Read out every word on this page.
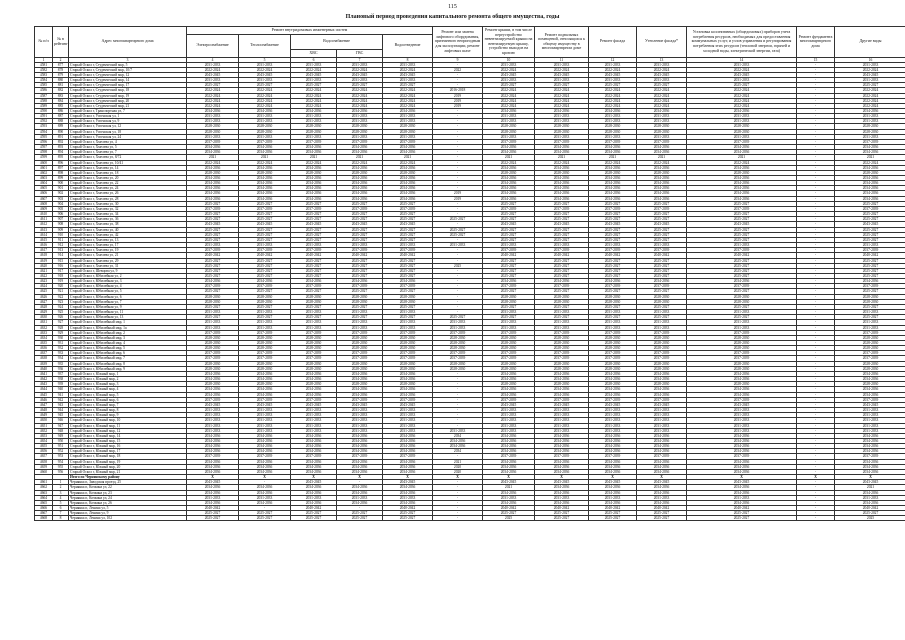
115
Плановый период проведения капитального ремонта общего имущества, годы
№ п/п	№ в рейтинг	Адрес многоквартирного дома	Ремонт внутридомовых инженерных систем					Ремонт или замена лифтового оборудования, признанного непригодным для эксплуатации, ремонт лифтовых шахт	Ремонт крыши, в том числе переустройство невентилируемой крыши на вентилируемую крышу, устройство выходов на кровлю	Ремонт подвальных помещений, относящихся к общему имуществу в многоквартирном доме	Ремонт фасада	Утепление фасада*	Установка коллективных (общедомовых) приборов учета потребления ресурсов, необходимых для предоставления коммунальных услуг, и узлов управления и регулирования потребления этих ресурсов (тепловой энергии, горячей и холодной воды, электрической энергии, газа)	Ремонт фундамента многоквартирного дома	Другие виды
			Электроснабжение	Теплоснабжение	Водоснабжение		Водоотведение								
					ХВС	ГВС									
1	2	3	4	5	6	7	8	9	10	11	12	13	14	15	16
4581	877	Старый Оскол г, Студенческий мкр, 5	2031-2033	2031-2033	2031-2033	2031-2033	2031-2033	-	2031-2033	2031-2033	2031-2033	2031-2033	2031-2033	-	2031-2033
4582	878	Старый Оскол г, Студенческий мкр, 10/7	2022-2024	2022-2024	2022-2024	2022-2024	2022-2024	2022	2022-2024	2022-2024	2022-2024	2022-2024	2022-2024	-	2022-2024
4583	879	Старый Оскол г, Студенческий мкр, 12	2043-2045	2043-2045	2043-2045	2043-2045	2043-2045	-	2043-2045	2043-2045	2043-2045	2043-2045	2043-2045	-	2043-2045
4584	880	Старый Оскол г, Студенческий мкр, 14	2031-2033	2031-2033	2031-2033	2031-2033	2031-2033	-	2031-2033	2031-2033	2031-2033	2031-2033	2031-2033	-	2031-2033
4585	881	Старый Оскол г, Студенческий мкр, 17	2025-2027	2025-2027	2025-2027	2025-2027	2025-2027	-	2025-2027	2025-2027	2025-2027	2025-2027	2025-2027	-	2025-2027
4586	882	Старый Оскол г, Студенческий мкр, 18	2022-2024	2022-2024	2022-2024	2022-2024	2022-2024	2016-2018	2022-2024	2022-2024	2022-2024	2022-2024	2022-2024	-	2022-2024
4587	883	Старый Оскол г, Студенческий мкр, 19	2022-2024	2022-2024	2022-2024	2022-2024	2022-2024	2019	2022-2024	2022-2024	2022-2024	2022-2024	2022-2024	-	2022-2024
4588	884	Старый Оскол г, Студенческий мкр, 20	2022-2024	2022-2024	2022-2024	2022-2024	2022-2024	2019	2022-2024	2022-2024	2022-2024	2022-2024	2022-2024	-	2022-2024
4589	885	Старый Оскол г, Студенческий мкр, 21	2022-2024	2022-2024	2022-2024	2022-2024	2022-2024	2019	2022-2024	2022-2024	2022-2024	2022-2024	2022-2024	-	2022-2024
4590	886	Старый Оскол г, Транспортная ул, 7	2034-2036	2034-2036	2034-2036	2034-2036	2034-2036	-	2034-2036	2034-2036	2034-2036	2034-2036	2034-2036	-	2034-2036
4591	887	Старый Оскол г, Успенская ул, 1	2031-2033	2031-2033	2031-2033	2031-2033	2031-2033	-	2031-2033	2031-2033	2031-2033	2031-2033	2031-2033	-	2031-2033
4592	888	Старый Оскол г, Успенская ул, 9	2031-2033	2031-2033	2031-2033	2031-2033	2031-2033	-	2031-2033	2031-2033	2031-2033	2031-2033	2031-2033	-	2031-2033
4593	889	Старый Оскол г, Успенская ул, 12	2028-2030	2028-2030	2028-2030	2028-2030	2028-2030	-	2028-2030	2028-2030	2028-2030	2028-2030	2028-2030	-	2028-2030
4594	890	Старый Оскол г, Успенская ул, 18	2028-2030	2028-2030	2028-2030	2028-2030	2028-2030	-	2028-2030	2028-2030	2028-2030	2028-2030	2028-2030	-	2028-2030
4595	891	Старый Оскол г, Успенская ул, 24	2031-2033	2031-2033	2031-2033	2031-2033	2031-2033	-	2031-2033	2031-2033	2031-2033	2031-2033	2031-2033	-	2031-2033
4596	892	Старый Оскол г, Хмелева ул, 4	2037-2039	2037-2039	2037-2039	2037-2039	2037-2039	-	2037-2039	2037-2039	2037-2039	2037-2039	2037-2039	-	2037-2039
4597	893	Старый Оскол г, Хмелева ул, 5	2034-2036	2034-2036	2034-2036	2034-2036	2034-2036	-	2034-2036	2034-2036	2034-2036	2034-2036	2034-2036	-	2034-2036
4598	894	Старый Оскол г, Хмелева ул, 7	2034-2036	2034-2036	2034-2036	2034-2036	2034-2036	-	2034-2036	2034-2036	2034-2036	2034-2036	2034-2036	-	2034-2036
4599	895	Старый Оскол г, Хмелева ул, 8/72	2021	2021	2021	2021	2021	-	2021	2021	2021	2021	2021	-	2021
4600	896	Старый Оскол г, Хмелева ул, 10/41	2022-2024	2022-2024	2022-2024	2022-2024	2022-2024	-	2022-2024	2022-2024	2022-2024	2022-2024	2022-2024	-	2022-2024
4601	897	Старый Оскол г, Хмелева ул, 14	2034-2036	2034-2036	2034-2036	2034-2036	2034-2036	-	2034-2036	2034-2036	2034-2036	2034-2036	2034-2036	-	2034-2036
4602	898	Старый Оскол г, Хмелева ул, 18	2028-2030	2028-2030	2028-2030	2028-2030	2028-2030	-	2028-2030	2028-2030	2028-2030	2028-2030	2028-2030	-	2028-2030
4603	899	Старый Оскол г, Хмелева ул, 20	2034-2036	2034-2036	2034-2036	2034-2036	2034-2036	-	2034-2036	2034-2036	2034-2036	2034-2036	2034-2036	-	2034-2036
4604	900	Старый Оскол г, Хмелева ул, 22	2034-2036	2034-2036	2034-2036	2034-2036	2034-2036	-	2034-2036	2034-2036	2034-2036	2034-2036	2034-2036	-	2034-2036
4605	901	Старый Оскол г, Хмелева ул, 24	2034-2036	2034-2036	2034-2036	2034-2036	2034-2036	-	2034-2036	2034-2036	2034-2036	2034-2036	2034-2036	-	2034-2036
4606	902	Старый Оскол г, Хмелева ул, 26	2034-2036	2034-2036	2034-2036	2034-2036	2034-2036	2019	2034-2036	2034-2036	2034-2036	2034-2036	2034-2036	-	2034-2036
4607	903	Старый Оскол г, Хмелева ул, 28	2034-2036	2034-2036	2034-2036	2034-2036	2034-2036	2019	2034-2036	2034-2036	2034-2036	2034-2036	2034-2036	-	2034-2036
4608	904	Старый Оскол г, Хмелева ул, 30	2025-2027	2025-2027	2025-2027	2025-2027	2025-2027	-	2025-2027	2025-2027	2025-2027	2025-2027	2025-2027	-	2025-2027
4609	905	Старый Оскол г, Хмелева ул, 32	2037-2039	2037-2039	2037-2039	2037-2039	2037-2039	-	2037-2039	2037-2039	2037-2039	2037-2039	2037-2039	-	2037-2039
4610	906	Старый Оскол г, Хмелева ул, 34	2025-2027	2025-2027	2025-2027	2025-2027	2025-2027	-	2025-2027	2025-2027	2025-2027	2025-2027	2025-2027	-	2025-2027
4611	907	Старый Оскол г, Хмелева ул, 36	2025-2027	2025-2027	2025-2027	2025-2027	2025-2027	2025-2027	2025-2027	2025-2027	2025-2027	2025-2027	2025-2027	-	2025-2027
4612	908	Старый Оскол г, Хмелева ул, 38	2043-2045	2043-2045	2043-2045	2043-2045	2043-2045	-	2043-2045	2043-2045	2043-2045	2043-2045	2043-2045	-	2043-2045
4613	909	Старый Оскол г, Хмелева ул, 40	2025-2027	2025-2027	2025-2027	2025-2027	2025-2027	2025-2027	2025-2027	2025-2027	2025-2027	2025-2027	2025-2027	-	2025-2027
4614	910	Старый Оскол г, Хмелева ул, 42	2025-2027	2025-2027	2025-2027	2025-2027	2025-2027	2025-2027	2025-2027	2025-2027	2025-2027	2025-2027	2025-2027	-	2025-2027
4615	911	Старый Оскол г, Хмелева ул, 13	2025-2027	2025-2027	2025-2027	2025-2027	2025-2027	-	2025-2027	2025-2027	2025-2027	2025-2027	2025-2027	-	2025-2027
4616	912	Старый Оскол г, Хмелева ул, 17	2031-2033	2031-2033	2031-2033	2031-2033	2031-2033	2031-2033	2031-2033	2031-2033	2031-2033	2031-2033	2031-2033	-	2031-2033
4617	913	Старый Оскол г, Хмелева ул, 19	2037-2039	2037-2039	2037-2039	2037-2039	2037-2039	-	2037-2039	2037-2039	2037-2039	2037-2039	2037-2039	-	2037-2039
4618	914	Старый Оскол г, Хмелева ул, 21	2040-2042	2040-2042	2040-2042	2040-2042	2040-2042	-	2040-2042	2040-2042	2040-2042	2040-2042	2040-2042	-	2040-2042
4619	915	Старый Оскол г, Хмелева ул, 29	2025-2027	2025-2027	2025-2027	2025-2027	2025-2027	-	2025-2027	2025-2027	2025-2027	2025-2027	2025-2027	-	2025-2027
4620	916	Старый Оскол г, Хмелева ул, 31	2025-2027	2025-2027	2025-2027	2025-2027	2025-2027	2025	2025-2027	2025-2027	2025-2027	2025-2027	2025-2027	-	2025-2027
4621	917	Старый Оскол г, Шевцова ул, 9	2025-2027	2025-2027	2025-2027	2025-2027	2025-2027	-	2025-2027	2025-2027	2025-2027	2025-2027	2025-2027	-	2025-2027
4622	918	Старый Оскол г, Юбилейная ул, 2	2025-2027	2025-2027	2025-2027	2025-2027	2025-2027	-	2025-2027	2025-2027	2025-2027	2025-2027	2025-2027	-	2025-2027
4623	919	Старый Оскол г, Юбилейная ул, 3	2034-2036	2034-2036	2034-2036	2034-2036	2034-2036	-	2034-2036	2034-2036	2034-2036	2034-2036	2034-2036	-	2034-2036
4624	920	Старый Оскол г, Юбилейная ул, 4	2037-2039	2037-2039	2037-2039	2037-2039	2037-2039	-	2037-2039	2037-2039	2037-2039	2037-2039	2037-2039	-	2037-2039
4625	921	Старый Оскол г, Юбилейная ул, 5	2025-2027	2025-2027	2025-2027	2025-2027	2025-2027	-	2025-2027	2025-2027	2025-2027	2025-2027	2025-2027	-	2025-2027
4626	922	Старый Оскол г, Юбилейная ул, 6	2028-2030	2028-2030	2028-2030	2028-2030	2028-2030	-	2028-2030	2028-2030	2028-2030	2028-2030	2028-2030	-	2028-2030
4627	923	Старый Оскол г, Юбилейная ул, 7	2028-2030	2028-2030	2028-2030	2028-2030	2028-2030	-	2028-2030	2028-2030	2028-2030	2028-2030	2028-2030	-	2028-2030
4628	924	Старый Оскол г, Юбилейная ул, 9	2025-2027	2025-2027	2025-2027	2025-2027	2025-2027	-	2025-2027	2025-2027	2025-2027	2025-2027	2025-2027	-	2025-2027
4629	925	Старый Оскол г, Юбилейная ул, 11	2031-2033	2031-2033	2031-2033	2031-2033	2031-2033	-	2031-2033	2031-2033	2031-2033	2031-2033	2031-2033	-	2031-2033
4630	926	Старый Оскол г, Юбилейная ул, 13	2025-2027	2025-2027	2025-2027	2025-2027	2025-2027	2025-2027	2025-2027	2025-2027	2025-2027	2025-2027	2025-2027	-	2025-2027
4631	927	Старый Оскол г, Юбилейный мкр, 1	2031-2033	2031-2033	2031-2033	2031-2033	2031-2033	2031-2033	2031-2033	2031-2033	2031-2033	2031-2033	2031-2033	-	2031-2033
4632	928	Старый Оскол г, Юбилейный мкр, 1а	2031-2033	2031-2033	2031-2033	2031-2033	2031-2033	2031-2033	2031-2033	2031-2033	2031-2033	2031-2033	2031-2033	-	2031-2033
4633	929	Старый Оскол г, Юбилейный мкр, 2	2037-2039	2037-2039	2037-2039	2037-2039	2037-2039	2037-2039	2037-2039	2037-2039	2037-2039	2037-2039	2037-2039	-	2037-2039
4634	930	Старый Оскол г, Юбилейный мкр, 3	2028-2030	2028-2030	2028-2030	2028-2030	2028-2030	2028-2030	2028-2030	2028-2030	2028-2030	2028-2030	2028-2030	-	2028-2030
4635	931	Старый Оскол г, Юбилейный мкр, 4	2028-2030	2028-2030	2028-2030	2028-2030	2028-2030	2028-2030	2028-2030	2028-2030	2028-2030	2028-2030	2028-2030	-	2028-2030
4636	932	Старый Оскол г, Юбилейный мкр, 5	2028-2030	2028-2030	2028-2030	2028-2030	2028-2030	2028-2030	2028-2030	2028-2030	2028-2030	2028-2030	2028-2030	-	2028-2030
4637	933	Старый Оскол г, Юбилейный мкр, 6	2037-2039	2037-2039	2037-2039	2037-2039	2037-2039	2037-2039	2037-2039	2037-2039	2037-2039	2037-2039	2037-2039	-	2037-2039
4638	934	Старый Оскол г, Юбилейный мкр, 7	2037-2039	2037-2039	2037-2039	2037-2039	2037-2039	2037-2039	2037-2039	2037-2039	2037-2039	2037-2039	2037-2039	-	2037-2039
4639	935	Старый Оскол г, Юбилейный мкр, 8	2028-2030	2028-2030	2028-2030	2028-2030	2028-2030	2028-2030	2028-2030	2028-2030	2028-2030	2028-2030	2028-2030	-	2028-2030
4640	936	Старый Оскол г, Юбилейный мкр, 9	2028-2030	2028-2030	2028-2030	2028-2030	2028-2030	2028-2030	2028-2030	2028-2030	2028-2030	2028-2030	2028-2030	-	2028-2030
4641	937	Старый Оскол г, Южный мкр, 1	2034-2036	2034-2036	2034-2036	2034-2036	2034-2036	-	2034-2036	2034-2036	2034-2036	2034-2036	2034-2036	-	2034-2036
4642	938	Старый Оскол г, Южный мкр, 2	2034-2036	2034-2036	2034-2036	2034-2036	2034-2036	-	2034-2036	2034-2036	2034-2036	2034-2036	2034-2036	-	2034-2036
4643	939	Старый Оскол г, Южный мкр, 3	2028-2030	2028-2030	2028-2030	2028-2030	2028-2030	-	2028-2030	2028-2030	2028-2030	2028-2030	2028-2030	-	2028-2030
4644	940	Старый Оскол г, Южный мкр, 4	2034-2036	2034-2036	2034-2036	2034-2036	2034-2036	-	2034-2036	2034-2036	2034-2036	2034-2036	2034-2036	-	2034-2036
4645	941	Старый Оскол г, Южный мкр, 5	2034-2036	2034-2036	2034-2036	2034-2036	2034-2036	-	2034-2036	2034-2036	2034-2036	2034-2036	2034-2036	-	2034-2036
4646	942	Старый Оскол г, Южный мкр, 6	2037-2039	2037-2039	2037-2039	2037-2039	2037-2039	-	2037-2039	2037-2039	2037-2039	2037-2039	2037-2039	-	2037-2039
4647	943	Старый Оскол г, Южный мкр, 7	2043-2045	2043-2045	2043-2045	2043-2045	2043-2045	-	2043-2045	2043-2045	2043-2045	2043-2045	2043-2045	-	2043-2045
4648	944	Старый Оскол г, Южный мкр, 8	2031-2033	2031-2033	2031-2033	2031-2033	2031-2033	-	2031-2033	2031-2033	2031-2033	2031-2033	2031-2033	-	2031-2033
4649	945	Старый Оскол г, Южный мкр, 9	2031-2033	2031-2033	2031-2033	2031-2033	2031-2033	-	2031-2033	2031-2033	2031-2033	2031-2033	2031-2033	-	2031-2033
4650	946	Старый Оскол г, Южный мкр, 10	2031-2033	2031-2033	2031-2033	2031-2033	2031-2033	-	2031-2033	2031-2033	2031-2033	2031-2033	2031-2033	-	2031-2033
4651	947	Старый Оскол г, Южный мкр, 11	2031-2033	2031-2033	2031-2033	2031-2033	2031-2033	-	2031-2033	2031-2033	2031-2033	2031-2033	2031-2033	-	2031-2033
4652	948	Старый Оскол г, Южный мкр, 12	2031-2033	2031-2033	2031-2033	2031-2033	2031-2033	2031-2033	2031-2033	2031-2033	2031-2033	2031-2033	2031-2033	-	2031-2033
4653	949	Старый Оскол г, Южный мкр, 14	2034-2036	2034-2036	2034-2036	2034-2036	2034-2036	2034	2034-2036	2034-2036	2034-2036	2034-2036	2034-2036	-	2034-2036
4654	950	Старый Оскол г, Южный мкр, 15	2034-2036	2034-2036	2034-2036	2034-2036	2034-2036	2034-2036	2034-2036	2034-2036	2034-2036	2034-2036	2034-2036	-	2034-2036
4655	951	Старый Оскол г, Южный мкр, 16	2034-2036	2034-2036	2034-2036	2034-2036	2034-2036	2034-2036	2034-2036	2034-2036	2034-2036	2034-2036	2034-2036	-	2034-2036
4656	952	Старый Оскол г, Южный мкр, 17	2034-2036	2034-2036	2034-2036	2034-2036	2034-2036	2034	2034-2036	2034-2036	2034-2036	2034-2036	2034-2036	-	2034-2036
4657	953	Старый Оскол г, Южный мкр, 18	2037-2039	2037-2039	2037-2039	2037-2039	2037-2039	-	2037-2039	2037-2039	2037-2039	2037-2039	2037-2039	-	2037-2039
4658	954	Старый Оскол г, Южный мкр, 19	2034-2036	2034-2036	2034-2036	2034-2036	2034-2036	2021	2034-2036	2034-2036	2034-2036	2034-2036	2034-2036	-	2034-2036
4659	955	Старый Оскол г, Южный мкр, 20	2034-2036	2034-2036	2034-2036	2034-2036	2034-2036	2020	2034-2036	2034-2036	2034-2036	2034-2036	2034-2036	-	2034-2036
4660	956	Старый Оскол г, Южный мкр, 21	2034-2036	2034-2036	2034-2036	2034-2036	2034-2036	2020	2034-2036	2034-2036	2034-2036	2034-2036	2034-2036	-	2034-2036
		Итого по Чернянскому району	X	X	X	X	X	X	X	X	X	X	X	X	X
4661	1	Чернянка п, Заводская проезд, 25	2043-2045	-	2043-2045	-	2043-2045	-	2043-2045	2043-2045	2043-2045	2043-2045	2043-2045	-	2043-2045
4662	2	Чернянка п, Кочкина ул, 22	2034-2036	2034-2036	2034-2036	2034-2036	2034-2036	-	2021	2034-2036	2034-2036	2034-2036	2034-2036	-	2021
4663	3	Чернянка п, Кочкина ул, 23	2034-2036	2034-2036	2034-2036	2034-2036	2034-2036	-	2034-2036	2034-2036	2034-2036	2034-2036	2034-2036	-	2034-2036
4664	4	Чернянка п, Кочкина ул, 24	2031-2033	2031-2033	2031-2033	2031-2033	2031-2033	-	2031-2033	2031-2033	2031-2033	2031-2033	2031-2033	-	2031-2033
4665	5	Чернянка п, Кочкина ул, 26	2034-2036	2034-2036	2034-2036	2034-2036	2034-2036	-	2034-2036	2034-2036	2034-2036	2034-2036	2034-2036	-	2034-2036
4666	6	Чернянка п, Ленина ул, 5	2040-2042	-	2040-2042	-	2040-2042	-	2040-2042	2040-2042	2040-2042	2040-2042	2040-2042	-	2040-2042
4667	7	Чернянка п, Ленина ул, 9	2025-2027	2025-2027	2025-2027	2025-2027	2025-2027	-	2025-2027	2025-2027	2025-2027	2025-2027	2025-2027	-	2025-2027
4668	8	Чернянка п, Ленина ул, 102	2025-2027	2025-2027	2025-2027	2025-2027	2025-2027	-	2025	2025-2027	2025-2027	2025-2027	2025-2027	-	2025
